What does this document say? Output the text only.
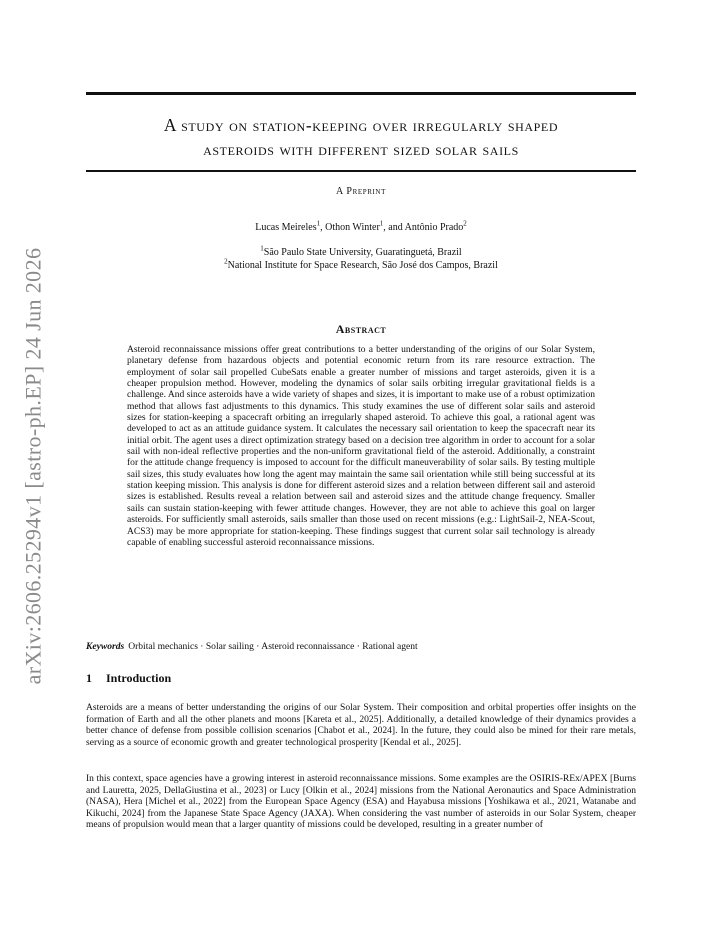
arXiv:2606.25294v1 [astro-ph.EP] 24 Jun 2026
A study on station-keeping over irregularly shaped
asteroids with different sized solar sails
A Preprint
Lucas Meireles$^1$, Othon Winter$^1$, and Antônio Prado$^2$
$^1$São Paulo State University, Guaratinguetá, Brazil
$^2$National Institute for Space Research, São José dos Campos, Brazil
Abstract
Asteroid reconnaissance missions offer great contributions to a better understanding of the origins of our Solar System, planetary defense from hazardous objects and potential economic return from its rare resource extraction. The employment of solar sail propelled CubeSats enable a greater number of missions and target asteroids, given it is a cheaper propulsion method. However, modeling the dynamics of solar sails orbiting irregular gravitational fields is a challenge. And since asteroids have a wide variety of shapes and sizes, it is important to make use of a robust optimization method that allows fast adjustments to this dynamics. This study examines the use of different solar sails and asteroid sizes for station-keeping a spacecraft orbiting an irregularly shaped asteroid. To achieve this goal, a rational agent was developed to act as an attitude guidance system. It calculates the necessary sail orientation to keep the spacecraft near its initial orbit. The agent uses a direct optimization strategy based on a decision tree algorithm in order to account for a solar sail with non-ideal reflective properties and the non-uniform gravitational field of the asteroid. Additionally, a constraint for the attitude change frequency is imposed to account for the difficult maneuverability of solar sails. By testing multiple sail sizes, this study evaluates how long the agent may maintain the same sail orientation while still being successful at its station keeping mission. This analysis is done for different asteroid sizes and a relation between different sail and asteroid sizes is established. Results reveal a relation between sail and asteroid sizes and the attitude change frequency. Smaller sails can sustain station-keeping with fewer attitude changes. However, they are not able to achieve this goal on larger asteroids. For sufficiently small asteroids, sails smaller than those used on recent missions (e.g.: LightSail-2, NEA-Scout, ACS3) may be more appropriate for station-keeping. These findings suggest that current solar sail technology is already capable of enabling successful asteroid reconnaissance missions.
Keywords Orbital mechanics · Solar sailing · Asteroid reconnaissance · Rational agent
1 Introduction
Asteroids are a means of better understanding the origins of our Solar System. Their composition and orbital properties offer insights on the formation of Earth and all the other planets and moons [Kareta et al., 2025]. Additionally, a detailed knowledge of their dynamics provides a better chance of defense from possible collision scenarios [Chabot et al., 2024]. In the future, they could also be mined for their rare metals, serving as a source of economic growth and greater technological prosperity [Kendal et al., 2025].
In this context, space agencies have a growing interest in asteroid reconnaissance missions. Some examples are the OSIRIS-REx/APEX [Burns and Lauretta, 2025, DellaGiustina et al., 2023] or Lucy [Olkin et al., 2024] missions from the National Aeronautics and Space Administration (NASA), Hera [Michel et al., 2022] from the European Space Agency (ESA) and Hayabusa missions [Yoshikawa et al., 2021, Watanabe and Kikuchi, 2024] from the Japanese State Space Agency (JAXA). When considering the vast number of asteroids in our Solar System, cheaper means of propulsion would mean that a larger quantity of missions could be developed, resulting in a greater number of
